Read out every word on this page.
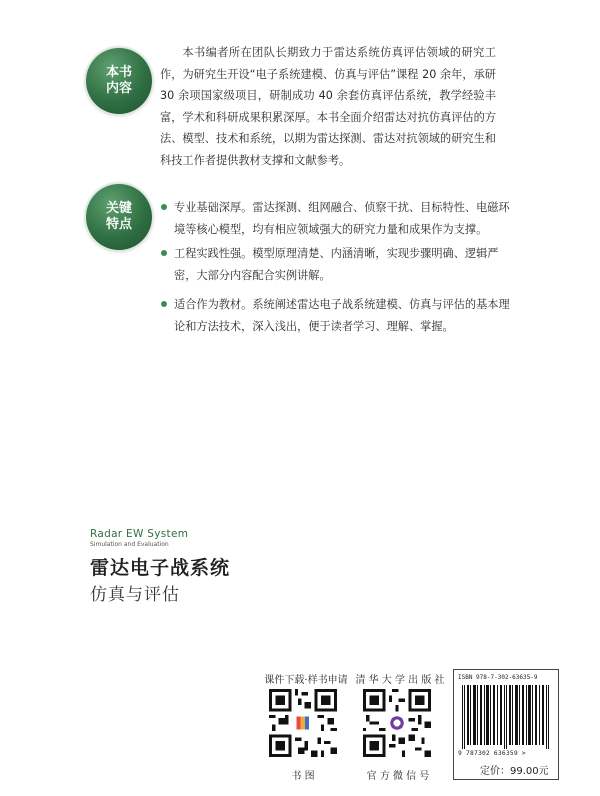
本书
内容
本书编者所在团队长期致力于雷达系统仿真评估领域的研究工作，为研究生开设“电子系统建模、仿真与评估”课程 20 余年，承研 30 余项国家级项目，研制成功 40 余套仿真评估系统，教学经验丰富，学术和科研成果积累深厚。本书全面介绍雷达对抗仿真评估的方法、模型、技术和系统，以期为雷达探测、雷达对抗领域的研究生和科技工作者提供教材支撑和文献参考。
关键
特点
专业基础深厚。雷达探测、组网融合、侦察干扰、目标特性、电磁环境等核心模型，均有相应领域强大的研究力量和成果作为支撑。
工程实践性强。模型原理清楚、内涵清晰，实现步骤明确、逻辑严密，大部分内容配合实例讲解。
适合作为教材。系统阐述雷达电子战系统建模、仿真与评估的基本理论和方法技术，深入浅出，便于读者学习、理解、掌握。
Radar EW System
Simulation and Evaluation
雷达电子战系统
仿真与评估
课件下载·样书申请
书 图
清 华 大 学 出 版 社
官 方 微 信 号
ISBN 978-7-302-63635-9
9 787302 636359 >
定价：99.00元
